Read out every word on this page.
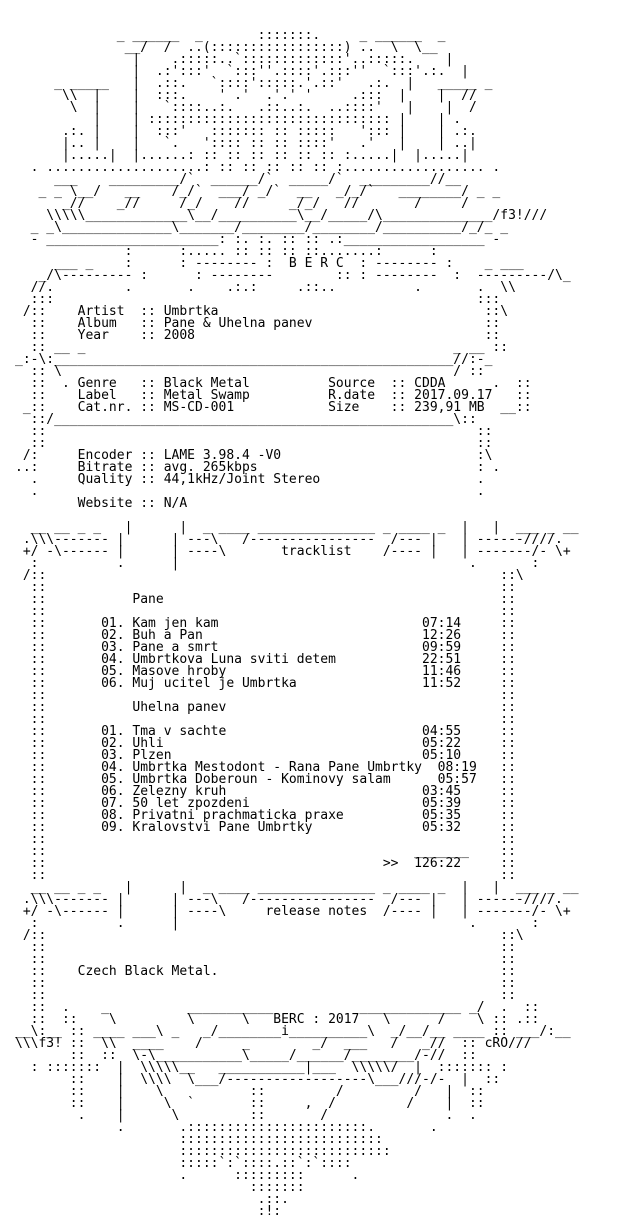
_ ______  _       :::::::.     _ ______  _
__/  /  ..(:::::::::::::::::) ..  \  \__
|    .:::::..`:::::::::::::'..:::::.    |
|  .:':::'  `:::''.::::'.:::''  `:::'.:.  |
_ _____   |  .::.   `::::':::::.'.::'   .:.  |   _____ _
\\  |    |  :::.    ' .'  .'.' '     .:::  |    |  //
\  |    |   `::::..:.   .::..:.  ..::::'   |    |  /
|    | ::::::::::::::::::::::::::::::: |    | .
.:. |    |  :::'   ::::::: :: :::::   '::: |    | .:.
|.. |    |   `.   ':::: :: :: ::::'   .'   |    | ..|
|.....|  |......: :: :: :: :: :: :: :.....|  |.....|
. ....................: :: :: :: :: :: :.................. .
___    _________/`  ______/`  _____/`  _________//__
_ _ \__/   __    /_/`  ___/ _/`  __   _/_/`   ________/ _ _
_//    _//     /_/    //     _/_/   //       /     /
\\\\\_____________\__/__________\__/_____/\______________/f3!///
_ _\______________\_______/________/________/__________/_/_ _
- ______________________: :. :. :: :: .:__________________ -
:      :..... :: :: :: ::.......:      :
___ _    :      : -------- :  B E R C  : -------- :    _ ___
_/\--------- :      : --------        :: : --------  :  ---------/\_
//.         .       .    .:.:     .::..          .       .  \\
:::                                                      :::
/::    Artist  :: Umbrtka                                  ::\
::    Album   :: Pane & Uhelna panev                      ::
::    Year    :: 2008                                     ::
:: __ _                                               _ __ ::
_:-\:___________________________________________________//:-_
:: \                                                  / ::
::  . Genre   :: Black Metal          Source  :: CDDA      .  ::
::    Label   :: Metal Swamp          R.date  :: 2017.09.17   ::
_::    Cat.nr. :: MS-CD-001            Size    :: 239,91 MB  __::
::/___________________________________________________\::
::                                                       ::
::                                                       ::
/:     Encoder :: LAME 3.98.4 -V0                         :\
..:     Bitrate :: avg. 265kbps                            : .
.     Quality :: 44,1kHz/Joint Stereo                    .
.                                                        .
Website :: N/A
__ __ _ _   |      |  _ ____ _______________ _ ____ _  |   |  ___ _ __
.\\\------- |      | ---\   /----------------  /--- |   | ------////.
+/ -\------ |      | ----\       tracklist    /---- |   | -------/- \+
:          .      |                                     .       :
/::                                                          ::\
::                                                          ::
::           Pane                                           ::
::                                                          ::
::       01. Kam jen kam                          07:14     ::
::       02. Buh a Pan                            12:26     ::
::       03. Pane a smrt                          09:59     ::
::       04. Umbrtkova Luna sviti detem           22:51     ::
::       05. Masove hroby                         11:46     ::
::       06. Muj ucitel je Umbrtka                11:52     ::
::                                                          ::
::           Uhelna panev                                   ::
::                                                          ::
::       01. Tma v sachte                         04:55     ::
::       02. Uhli                                 05:22     ::
::       03. Plzen                                05:10     ::
::       04. Umbrtka Mestodont - Rana Pane Umbrtky  08:19   ::
::       05. Umbrtka Doberoun - Kominovy salam      05:57   ::
::       06. Zelezny kruh                         03:45     ::
::       07. 50 let zpozdeni                      05:39     ::
::       08. Privatni prachmaticka praxe          05:35     ::
::       09. Kralovstvi Pane Umbrtky              05:32     ::
::                                                          ::
::                                               _______    ::
::                                           >>  126:22     ::
::                                                          ::
__ __ _ _   |      |  _ ____ _______________ _ ____ _  |   |  ___ _ __
.\\\------- |      | ---\   /----------------  /--- |   | ------////.
+/ -\------ |      | ----\     release notes  /---- |   | -------/- \+
:          .      |                                     .       :
/::                                                          ::\
::                                                          ::
::                                                          ::
::    Czech Black Metal.                                    ::
::                                                          ::
::                                                          ::
::  .    _          ___________           _____________ _/  .  ::
::  ::    \         \      \   BERC : 2017   \      /    \ :: .::
__\:__ :: ____ ___\ _   _/________i__________\  _/__/__ ____ :: ___/:__
\\\f3! ::  \\  ____    /     _        _/  ___   /   _//  :: cRO///
::  ::  \-\___________\_____/______/________/-//  ::
: :::::::  |  \\\\\__   ___________|___  \\\\\/  |  ::::::: :
::    |  \\\\  \___/------------------\___///-/-  |  ::
::    |    \           ::         /         /   |  ::
::    |     \  `       ::     ,  /         /    |  ::
.    |      \         ::       /               .  .
.       .:::::::::::::::::::::::.       .
::::::::::::::::::::::::::
:::::::::::::::::::::::::::
:::::`:`::::.::`:`::::
.      :::::::::      .
:::::::
.::.
:!:
